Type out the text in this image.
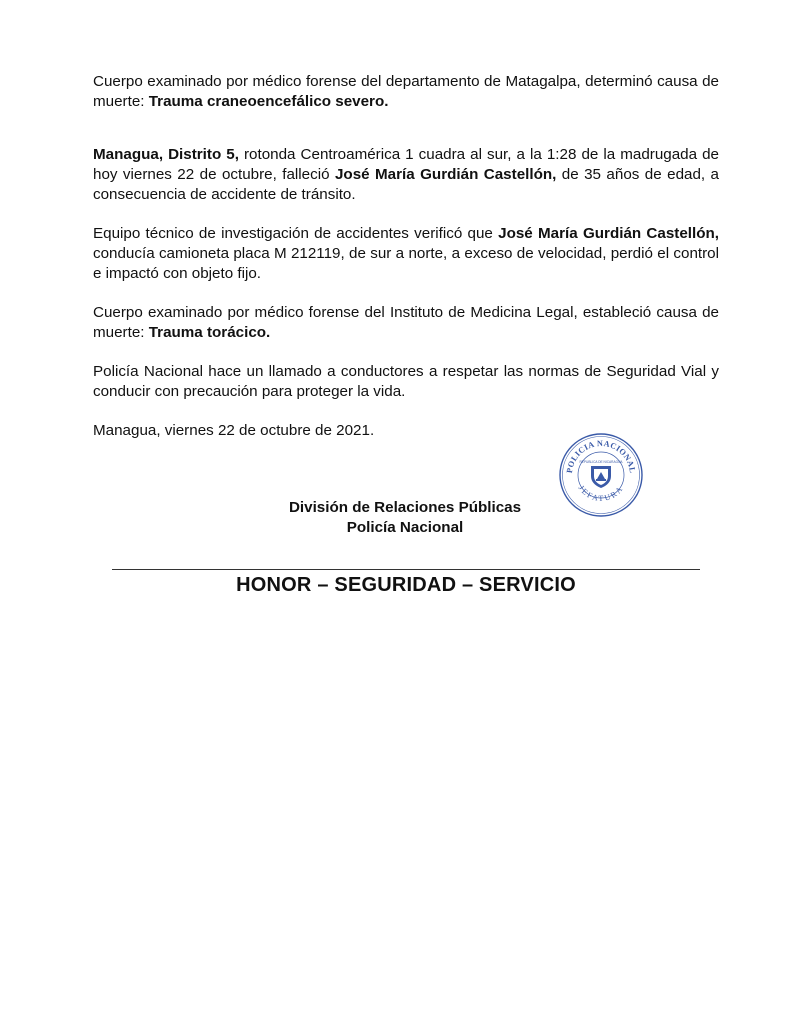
Cuerpo examinado por médico forense del departamento de Matagalpa, determinó causa de muerte: Trauma craneoencefálico severo.

Managua, Distrito 5, rotonda Centroamérica 1 cuadra al sur, a la 1:28 de la madrugada de hoy viernes 22 de octubre, falleció José María Gurdián Castellón, de 35 años de edad, a consecuencia de accidente de tránsito.

Equipo técnico de investigación de accidentes verificó que José María Gurdián Castellón, conducía camioneta placa M 212119, de sur a norte, a exceso de velocidad, perdió el control e impactó con objeto fijo.

Cuerpo examinado por médico forense del Instituto de Medicina Legal, estableció causa de muerte: Trauma torácico.

Policía Nacional hace un llamado a conductores a respetar las normas de Seguridad Vial y conducir con precaución para proteger la vida.

Managua, viernes 22 de octubre de 2021.

POLICIA NACIONAL
JEFATURA
REPUBLICA DE NICARAGUA
División de Relaciones Públicas
Policía Nacional
HONOR – SEGURIDAD – SERVICIO
